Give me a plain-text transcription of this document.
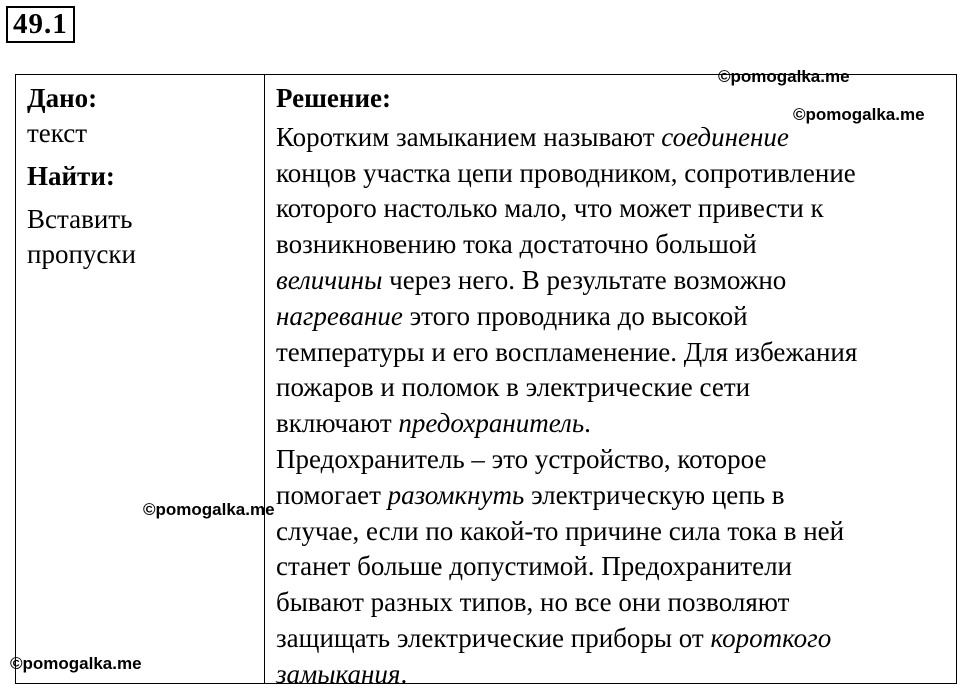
49.1
Дано:
текст
Найти:
Вставить
пропуски
Решение:
Коротким замыканием называют соединение
концов участка цепи проводником, сопротивление
которого настолько мало, что может привести к
возникновению тока достаточно большой
величины через него. В результате возможно
нагревание этого проводника до высокой
температуры и его воспламенение. Для избежания
пожаров и поломок в электрические сети
включают предохранитель.
Предохранитель – это устройство, которое
помогает разомкнуть электрическую цепь в
случае, если по какой-то причине сила тока в ней
станет больше допустимой. Предохранители
бывают разных типов, но все они позволяют
защищать электрические приборы от короткого
замыкания.
©pomogalka.me
©pomogalka.me
©pomogalka.me
©pomogalka.me
